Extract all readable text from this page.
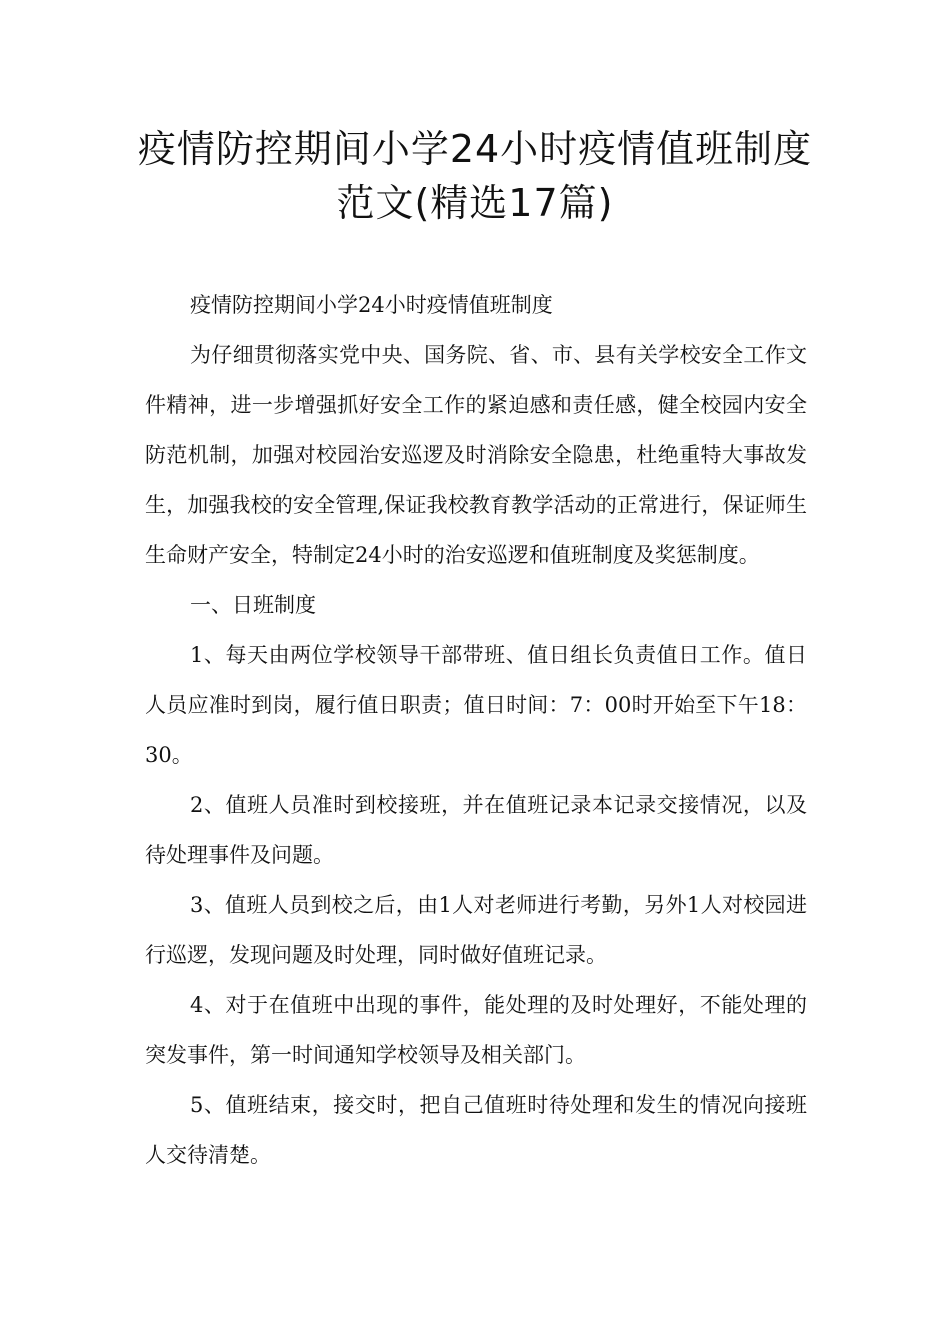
疫情防控期间小学24小时疫情值班制度范文(精选17篇)

疫情防控期间小学24小时疫情值班制度

为仔细贯彻落实党中央、国务院、省、市、县有关学校安全工作文件精神，进一步增强抓好安全工作的紧迫感和责任感，健全校园内安全防范机制，加强对校园治安巡逻及时消除安全隐患，杜绝重特大事故发生，加强我校的安全管理,保证我校教育教学活动的正常进行，保证师生生命财产安全，特制定24小时的治安巡逻和值班制度及奖惩制度。

一、日班制度

1、每天由两位学校领导干部带班、值日组长负责值日工作。值日人员应准时到岗，履行值日职责；值日时间：7：00时开始至下午18：30。

2、值班人员准时到校接班，并在值班记录本记录交接情况，以及待处理事件及问题。

3、值班人员到校之后，由1人对老师进行考勤，另外1人对校园进行巡逻，发现问题及时处理，同时做好值班记录。

4、对于在值班中出现的事件，能处理的及时处理好，不能处理的突发事件，第一时间通知学校领导及相关部门。

5、值班结束，接交时，把自己值班时待处理和发生的情况向接班人交待清楚。
